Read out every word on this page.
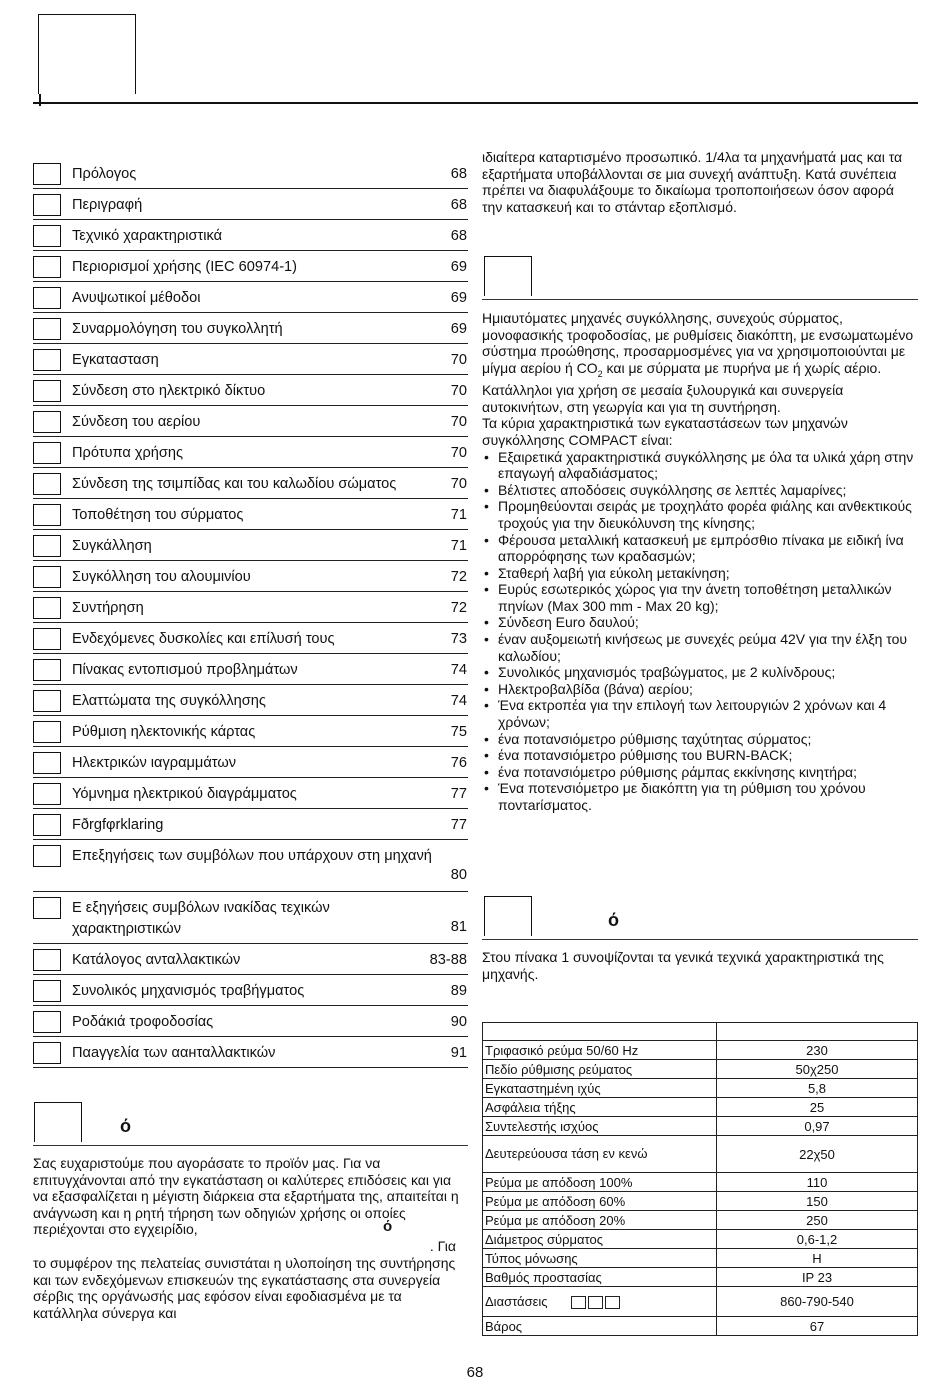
Πρόλογος	68
Περιγραφή	68
Τεχνικό χαρακτηριστικά	68
Περιορισμοί χρήσης (IEC 60974-1)	69
Ανυψωτικοί μέθοδοι	69
Συναρμολόγηση του συγκολλητή	69
Εγκατασταση	70
Σύνδεση στο ηλεκτρικό δίκτυο	70
Σύνδεση του αερίου	70
Πρότυπα χρήσης	70
Σύνδεση της τσιμπίδας και του καλωδίου σώματος	70
Τοποθέτηση του σύρματος	71
Συγκάλληση	71
Συγκόλληση του αλουμινίου	72
Συντήρηση	72
Ενδεχόμενες δυσκολίες και επίλυσή τους	73
Πίνακας εντοπισμού προβλημάτων	74
Ελαττώματα της συγκόλλησης	74
Ρύθμιση ηλεκτονικής κάρτας	75
Ηλεκτρικών ιαγραμμάτων	76
Υόμνημα ηλεκτρικού διαγράμματος	77
Fðrgfφrklaring	77
Επεξηγήσεις των συμβόλων που υπάρχουν στη μηχανή
80
Ε εξηγήσεις συμβόλων ινακίδας τεχικών χαρακτηριστικών	81
Κατάλογος ανταλλακτικών	83-88
Συνολικός μηχανισμός τραβήγματος	89
Ροδάκιά τροφοδοσίας	90
Παаγγελία των ααнταλλακτικών	91
ό

Σας ευχαριστούμε που αγοράσατε το προϊόν μας. Για να επιτυγχάνονται από την εγκατάσταση οι καλύτερες επιδόσεις και για να εξασφαλίζεται η μέγιστη διάρκεια στα εξαρτήματα της, απαιτείται η ανάγνωση και η ρητή τήρηση των οδηγιών χρήσης οι οποίες περιέχονται στο εγχειρίδιο,	ό
. Για

το συμφέρον της πελατείας συνιστάται η υλοποίηση της συντήρησης και των ενδεχόμενων επισκευών της εγκατάστασης στα συνεργεία σέρβις της οργάνωσής μας εφόσον είναι εφοδιασμένα με τα κατάλληλα σύνεργα και

ιδιαίτερα καταρτισμένο προσωπικό. 1/4λα τα μηχανήματά μας και τα εξαρτήματα υποβάλλονται σε μια συνεχή ανάπτυξη. Κατά συνέπεια πρέπει να διαφυλάξουμε το δικαίωμα τροποποιήσεων όσον αφορά την κατασκευή και το στάνταρ εξοπλισμό.

Ημιαυτόματες μηχανές συγκόλλησης, συνεχούς σύρματος, μονοφασικής τροφοδοσίας, με ρυθμίσεις διακόπτη, με ενσωματωμένο σύστημα προώθησης, προσαρμοσμένες για να χρησιμοποιούνται με μίγμα αερίου ή $CO_2$ και με σύρματα με πυρήνα με ή χωρίς αέριο. Κατάλληλοι για χρήση σε μεσαία ξυλουργικά και συνεργεία αυτοκινήτων, στη γεωργία και για τη συντήρηση.

Τα κύρια χαρακτηριστικά των εγκαταστάσεων των μηχανών συγκόλλησης COMPACT είναι:

• Εξαιρετικά χαρακτηριστικά συγκόλλησης με όλα τα υλικά χάρη στην επαγωγή αλφαδιάσματος;
• Βέλτιστες αποδόσεις συγκόλλησης σε λεπτές λαμαρίνες;
• Προμηθεύονται σειράς με τροχηλάτο φορέα φιάλης και ανθεκτικούς τροχούς για την διευκόλυνση της κίνησης;
• Φέρουσα μεταλλική κατασκευή με εμπρόσθιο πίνακα με ειδική ίνα απορρόφησης των κραδασμών;
• Σταθερή λαβή για εύκολη μετακίνηση;
• Ευρύς εσωτερικός χώρος για την άνετη τοποθέτηση μεταλλικών πηνίων (Max 300 mm - Max 20 kg);
• Σύνδεση Euro δαυλού;
• έναν αυξομειωτή κινήσεως με συνεχές ρεύμα 42V για την έλξη του καλωδίου;
• Συνολικός μηχανισμός τραβώγματος, με 2 κυλίνδρους;
• Ηλεκτροβαλβίδα (βάνα) αερίου;
• Ένα εκτροπέα για την επιλογή των λειτουργιών 2 χρόνων και 4 χρόνων;
• ένα ποτανσιόμετρο ρύθμισης ταχύτητας σύρματος;
• ένα ποτανσιόμετρο ρύθμισης του BURN-BACK;
• ένα ποτανσιόμετρο ρύθμισης ράμπας εκκίνησης κινητήρα;
• Ένα ποτενσιόμετρο με διακόπτη για τη ρύθμιση του χρόνου ποντarίσματος.
ό
Στου πίνακα 1 συνοψίζονται τα γενικά τεχνικά χαρακτηριστικά της μηχανής.

Τριφασικό ρεύμα 50/60 Hz	230
Πεδίο ρύθμισης ρεύματος	50χ250
Εγκαταστημένη ιχύς	5,8
Ασφάλεια τήξης	25
Συντελεστής ισχύος	0,97
Δευτερεύουσα τάση εν κενώ	22χ50
Ρεύμα με απόδοση 100%	110
Ρεύμα με απόδοση 60%	150
Ρεύμα με απόδοση 20%	250
Διάμετρος σύρματος	0,6-1,2
Τύπος μόνωσης	H
Βαθμός προστασίας	IP 23
Διαστάσεις	860-790-540
Βάρος	67
68
